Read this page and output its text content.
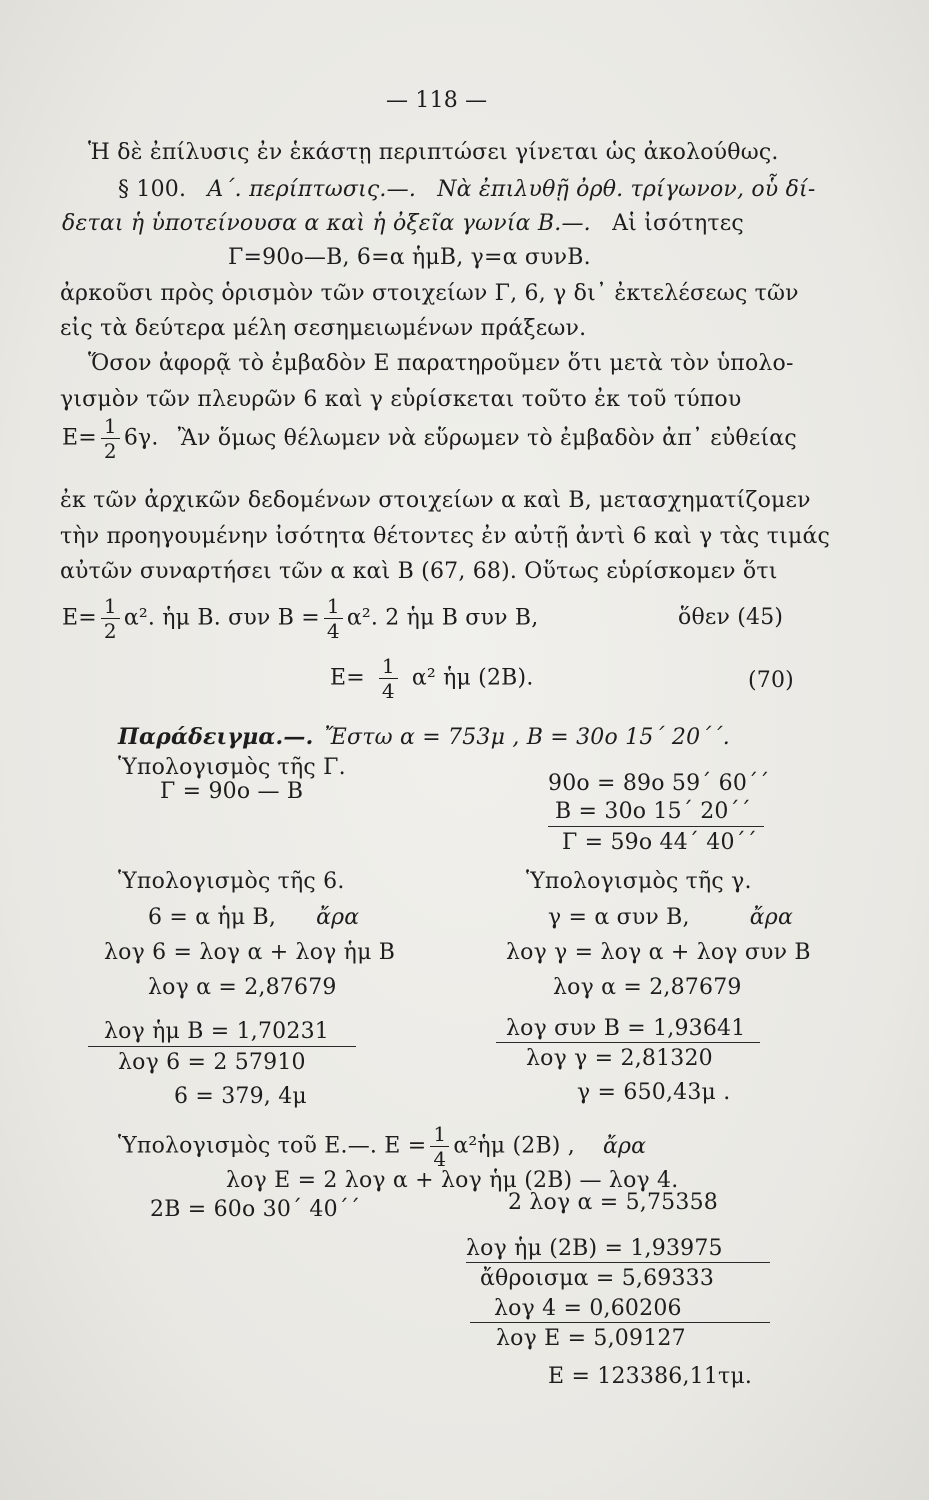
— 118 —
Ἡ δὲ ἐπίλυσις ἐν ἑκάστῃ περιπτώσει γίνεται ὡς ἀκολούθως.
§ 100. Α΄. περίπτωσις.—. Νὰ ἐπιλυθῇ ὀρθ. τρίγωνον, οὗ δί-
δεται ἡ ὑποτείνουσα α καὶ ἡ ὀξεῖα γωνία Β.—. Αἱ ἰσότητες
Γ=90ο—Β, 6=α ἡμΒ, γ=α συνΒ.
ἀρκοῦσι πρὸς ὁρισμὸν τῶν στοιχείων Γ, 6, γ δι᾽ ἐκτελέσεως τῶν
εἰς τὰ δεύτερα μέλη σεσημειωμένων πράξεων.
Ὅσον ἀφορᾷ τὸ ἐμβαδὸν Ε παρατηροῦμεν ὅτι μετὰ τὸν ὑπολο-
γισμὸν τῶν πλευρῶν 6 καὶ γ εὑρίσκεται τοῦτο ἐκ τοῦ τύπου
$E= \frac{1}{2} 6\gamma$. Ἂν ὅμως θέλωμεν νὰ εὕρωμεν τὸ ἐμβαδὸν ἀπ᾽ εὐθείας
ἐκ τῶν ἀρχικῶν δεδομένων στοιχείων α καὶ Β, μετασχηματίζομεν
τὴν προηγουμένην ἰσότητα θέτοντες ἐν αὐτῇ ἀντὶ 6 καὶ γ τὰς τιμάς
αὐτῶν συναρτήσει τῶν α καὶ Β (67, 68). Οὕτως εὑρίσκομεν ὅτι
$E= \frac{1}{2} \alpha^2$. ἡμ Β. συν $B = \frac{1}{4} \alpha^2$. 2 ἡμ Β συν Β,	ὅθεν (45)
$E= \frac{1}{4} \alpha^2$ ἡμ (2Β).	(70)
Παράδειγμα.—. Ἔστω α = 753μ , Β = 30ο 15΄ 20΄΄.
Ὑπολογισμὸς τῆς Γ.
Γ = 90ο — Β	90ο = 89ο 59΄ 60΄΄
Β = 30ο 15΄ 20΄΄
Γ = 59ο 44΄ 40΄΄
Ὑπολογισμὸς τῆς 6.
6 = α ἡμ Β, ἄρα
λογ 6 = λογ α + λογ ἡμ Β
λογ α = 2,87679
λογ ἡμ Β = 1,70231
λογ 6 = 2 57910
6 = 379, 4μ
Ὑπολογισμὸς τῆς γ.
γ = α συν Β,	ἄρα
λογ γ = λογ α + λογ συν Β
λογ α = 2,87679
λογ συν Β = 1,93641
λογ γ = 2,81320
γ = 650,43μ .
Ὑπολογισμὸς τοῦ Ε.—. $E = \frac{1}{4}$ α²ἡμ (2Β) , ἄρα
λογ Ε = 2 λογ α + λογ ἡμ (2Β) — λογ 4.
2Β = 60ο 30΄ 40΄΄	2 λογ α = 5,75358
λογ ἡμ (2Β) = 1,93975
ἄθροισμα = 5,69333
λογ 4 = 0,60206
λογ Ε = 5,09127
Ε = 123386,11τμ.
